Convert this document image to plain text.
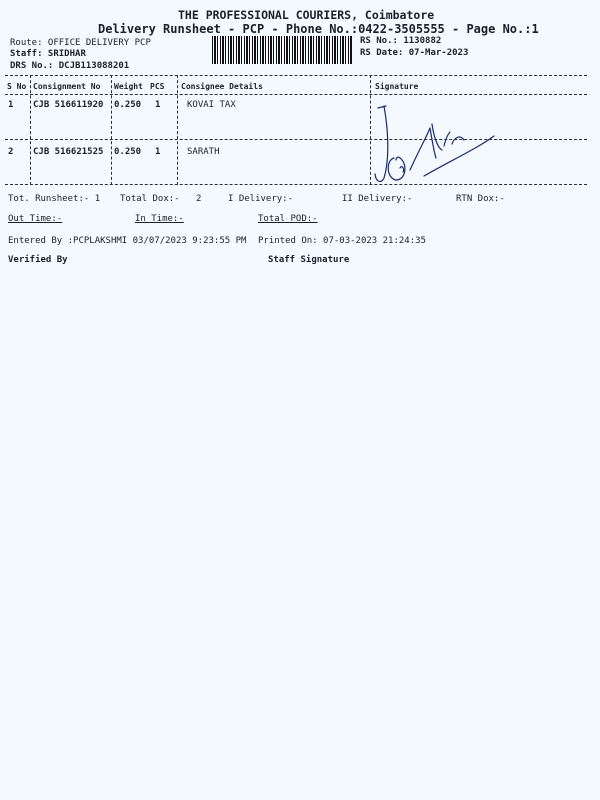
THE PROFESSIONAL COURIERS, Coimbatore
Delivery Runsheet - PCP - Phone No.:0422-3505555 - Page No.:1
Route: OFFICE DELIVERY PCP
Staff: SRIDHAR
DRS No.: DCJB113088201
RS No.: 1130882
RS Date: 07-Mar-2023
S No Consignment No Weight PCS Consignee Details	Signature
1 CJB 516611920 0.250 1	KOVAI TAX
2 CJB 516621525 0.250 1	SARATH
Tot. Runsheet:- 1 Total Dox:- 2	I Delivery:-	II Delivery:-	RTN Dox:-
Out Time:-	In Time:-	Total POD:-
Entered By :PCPLAKSHMI 03/07/2023 9:23:55 PM Printed On: 07-03-2023 21:24:35
Verified By	Staff Signature
